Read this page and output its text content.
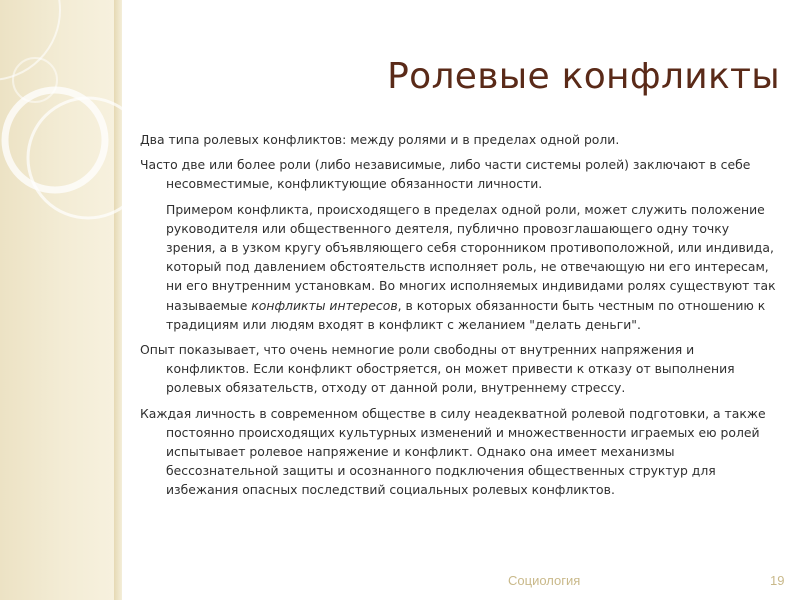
Ролевые конфликты

Два типа ролевых конфликтов: между ролями и в пределах одной роли.

Часто две или более роли (либо независимые, либо части системы ролей) заключают в себе несовместимые, конфликтующие обязанности личности.

Примером конфликта, происходящего в пределах одной роли, может служить положение руководителя или общественного деятеля, публично провозглашающего одну точку зрения, а в узком кругу объявляющего себя сторонником противоположной, или индивида, который под давлением обстоятельств исполняет роль, не отвечающую ни его интересам, ни его внутренним установкам. Во многих исполняемых индивидами ролях существуют так называемые конфликты интересов, в которых обязанности быть честным по отношению к традициям или людям входят в конфликт с желанием "делать деньги".

Опыт показывает, что очень немногие роли свободны от внутренних напряжения и конфликтов. Если конфликт обостряется, он может привести к отказу от выполнения ролевых обязательств, отходу от данной роли, внутреннему стрессу.

Каждая личность в современном обществе в силу неадекватной ролевой подготовки, а также постоянно происходящих культурных изменений и множественности играемых ею ролей испытывает ролевое напряжение и конфликт. Однако она имеет механизмы бессознательной защиты и осознанного подключения общественных структур для избежания опасных последствий социальных ролевых конфликтов.

Социология	19
